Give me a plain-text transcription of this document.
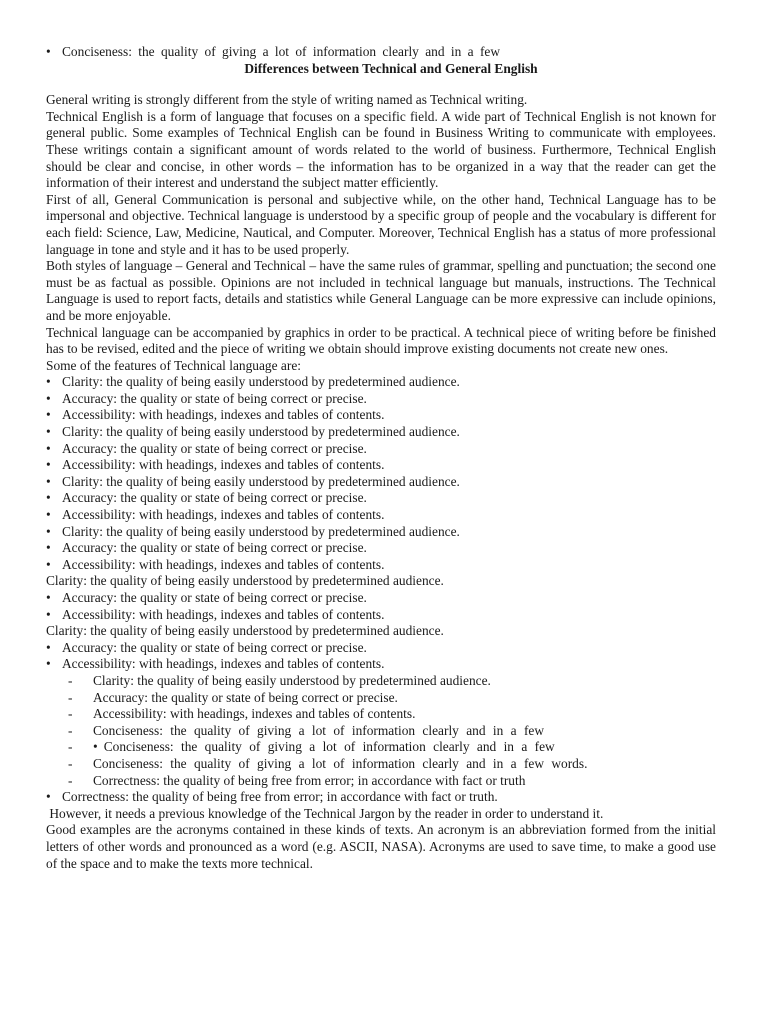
• Conciseness: the quality of giving a lot of information clearly and in a few
Differences between Technical and General English

General writing is strongly different from the style of writing named as Technical writing.

Technical English is a form of language that focuses on a specific field. A wide part of Technical English is not known for general public. Some examples of Technical English can be found in Business Writing to communicate with employees. These writings contain a significant amount of words related to the world of business. Furthermore, Technical English should be clear and concise, in other words – the information has to be organized in a way that the reader can get the information of their interest and understand the subject matter efficiently.

First of all, General Communication is personal and subjective while, on the other hand, Technical Language has to be impersonal and objective. Technical language is understood by a specific group of people and the vocabulary is different for each field: Science, Law, Medicine, Nautical, and Computer. Moreover, Technical English has a status of more professional language in tone and style and it has to be used properly.

Both styles of language – General and Technical – have the same rules of grammar, spelling and punctuation; the second one must be as factual as possible. Opinions are not included in technical language but manuals, instructions. The Technical Language is used to report facts, details and statistics while General Language can be more expressive can include opinions, and be more enjoyable.

Technical language can be accompanied by graphics in order to be practical. A technical piece of writing before be finished has to be revised, edited and the piece of writing we obtain should improve existing documents not create new ones.

Some of the features of Technical language are:

• Clarity: the quality of being easily understood by predetermined audience.
• Accuracy: the quality or state of being correct or precise.
• Accessibility: with headings, indexes and tables of contents.
• Clarity: the quality of being easily understood by predetermined audience.
• Accuracy: the quality or state of being correct or precise.
• Accessibility: with headings, indexes and tables of contents.
• Clarity: the quality of being easily understood by predetermined audience.
• Accuracy: the quality or state of being correct or precise.
• Accessibility: with headings, indexes and tables of contents.
• Clarity: the quality of being easily understood by predetermined audience.
• Accuracy: the quality or state of being correct or precise.
• Accessibility: with headings, indexes and tables of contents.
Clarity: the quality of being easily understood by predetermined audience.
• Accuracy: the quality or state of being correct or precise.
• Accessibility: with headings, indexes and tables of contents.
Clarity: the quality of being easily understood by predetermined audience.
• Accuracy: the quality or state of being correct or precise.
• Accessibility: with headings, indexes and tables of contents.
- Clarity: the quality of being easily understood by predetermined audience.
- Accuracy: the quality or state of being correct or precise.
- Accessibility: with headings, indexes and tables of contents.
- Conciseness: the quality of giving a lot of information clearly and in a few
- • Conciseness: the quality of giving a lot of information clearly and in a few
- Conciseness: the quality of giving a lot of information clearly and in a few words.
- Correctness: the quality of being free from error; in accordance with fact or truth
• Correctness: the quality of being free from error; in accordance with fact or truth.

However, it needs a previous knowledge of the Technical Jargon by the reader in order to understand it.

Good examples are the acronyms contained in these kinds of texts. An acronym is an abbreviation formed from the initial letters of other words and pronounced as a word (e.g. ASCII, NASA). Acronyms are used to save time, to make a good use of the space and to make the texts more technical.
